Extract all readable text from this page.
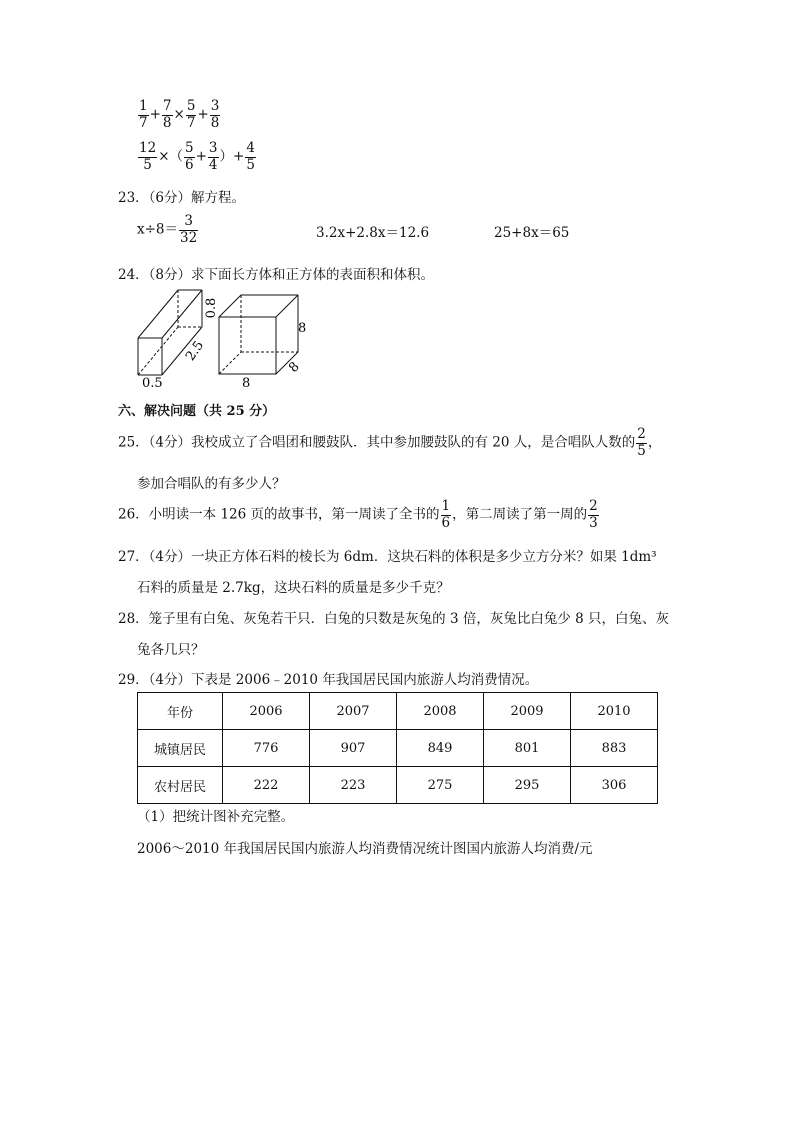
$\frac{1}{7} + \frac{7}{8} \times \frac{5}{7} + \frac{3}{8}$
$\frac{12}{5}$ ×（ $\frac{5}{6} + \frac{3}{4}$ ）+ $\frac{4}{5}$
23．（6分）解方程。
$x\div 8= \frac{3}{32}$	3.2x+2.8x＝12.6	25+8x＝65
24．（8分）求下面长方体和正方体的表面积和体积。
0.8
2.5
0.5
8
8
8
六、解决问题（共 25 分）
25．（4分）我校成立了合唱团和腰鼓队．其中参加腰鼓队的有 20 人，是合唱队人数的 $\frac{2}{5}$ ，
参加合唱队的有多少人？
26．小明读一本 126 页的故事书，第一周读了全书的 $\frac{1}{6}$ ，第二周读了第一周的 $\frac{2}{3}$
27．（4分）一块正方体石料的棱长为 6dm．这块石料的体积是多少立方分米？如果 1dm³
石料的质量是 2.7kg，这块石料的质量是多少千克？
28．笼子里有白兔、灰兔若干只．白兔的只数是灰兔的 3 倍，灰兔比白兔少 8 只，白兔、灰
兔各几只？
29．（4分）下表是 2006﹣2010 年我国居民国内旅游人均消费情况。
年份	2006	2007	2008	2009	2010
城镇居民	776	907	849	801	883
农村居民	222	223	275	295	306
（1）把统计图补充完整。
2006～2010 年我国居民国内旅游人均消费情况统计图国内旅游人均消费/元
